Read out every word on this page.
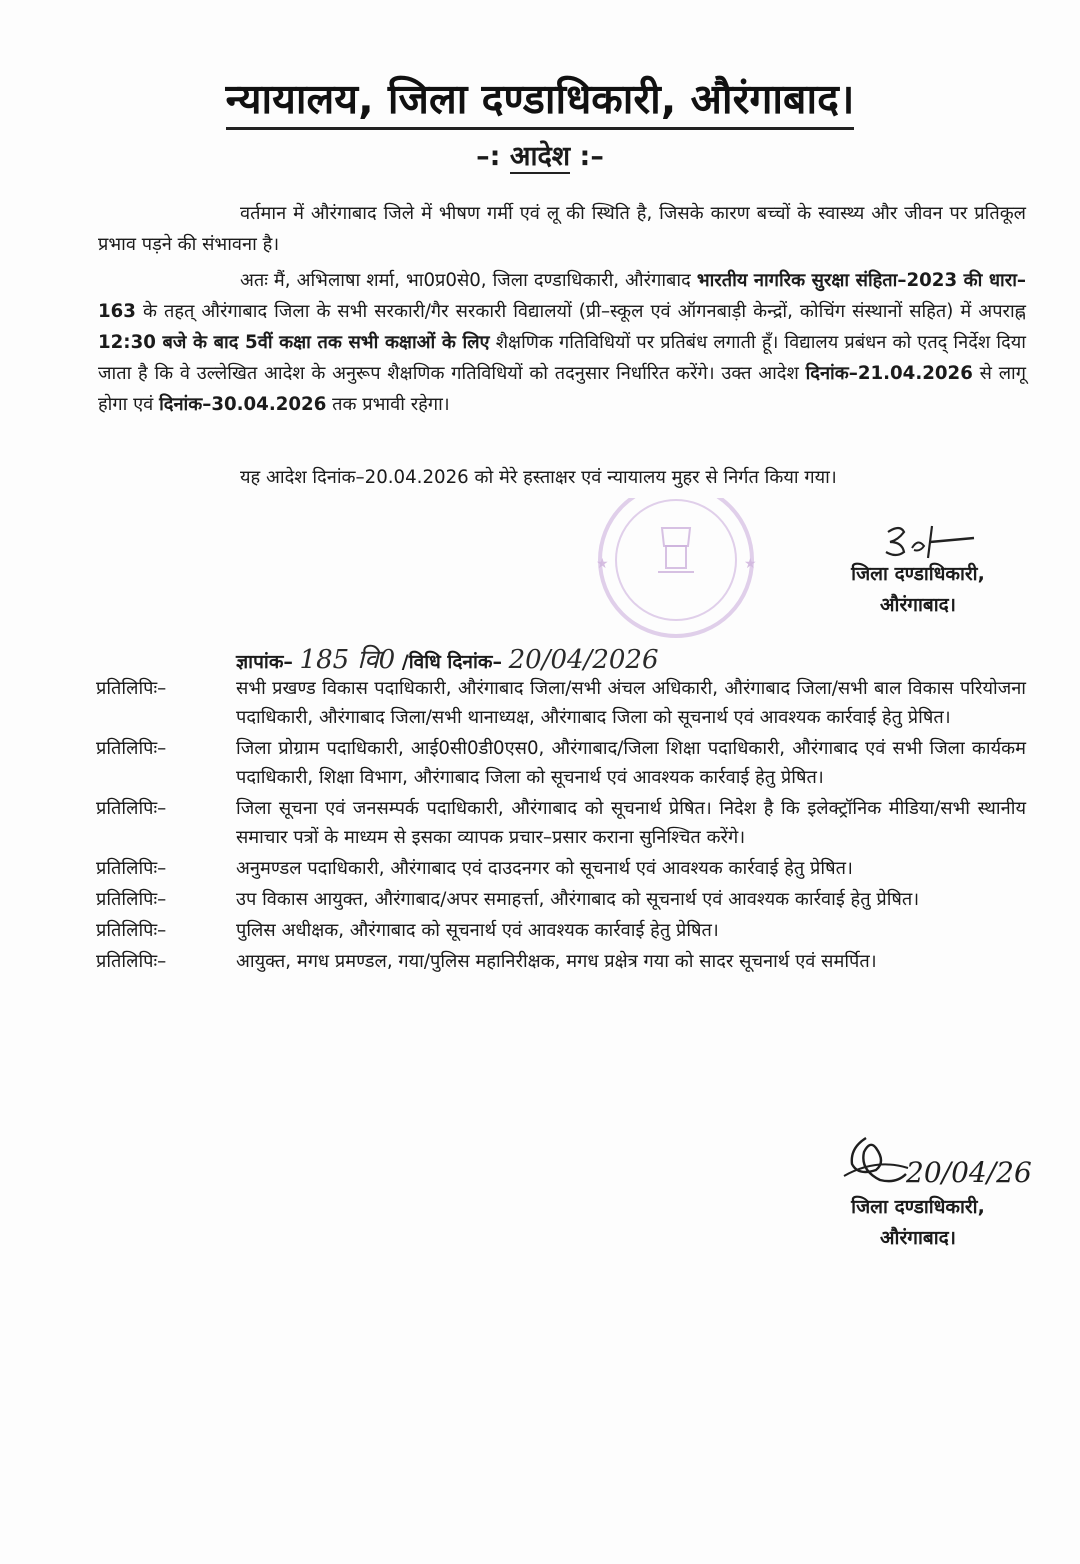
न्यायालय, जिला दण्डाधिकारी, औरंगाबाद।
–: आदेश :–

वर्तमान में औरंगाबाद जिले में भीषण गर्मी एवं लू की स्थिति है, जिसके कारण बच्चों के स्वास्थ्य और जीवन पर प्रतिकूल प्रभाव पड़ने की संभावना है।

अतः मैं, अभिलाषा शर्मा, भा0प्र0से0, जिला दण्डाधिकारी, औरंगाबाद भारतीय नागरिक सुरक्षा संहिता–2023 की धारा–163 के तहत् औरंगाबाद जिला के सभी सरकारी/गैर सरकारी विद्यालयों (प्री–स्कूल एवं ऑगनबाड़ी केन्द्रों, कोचिंग संस्थानों सहित) में अपराह्न 12:30 बजे के बाद 5वीं कक्षा तक सभी कक्षाओं के लिए शैक्षणिक गतिविधियों पर प्रतिबंध लगाती हूँ। विद्यालय प्रबंधन को एतद् निर्देश दिया जाता है कि वे उल्लेखित आदेश के अनुरूप शैक्षणिक गतिविधियों को तदनुसार निर्धारित करेंगे। उक्त आदेश दिनांक–21.04.2026 से लागू होगा एवं दिनांक–30.04.2026 तक प्रभावी रहेगा।

यह आदेश दिनांक–20.04.2026 को मेरे हस्ताक्षर एवं न्यायालय मुहर से निर्गत किया गया।

★	★	जिला दण्डाधिकारी,
औरंगाबाद।
ज्ञापांक– 185 वि0 /विधि दिनांक– 20/04/2026
प्रतिलिपिः–	सभी प्रखण्ड विकास पदाधिकारी, औरंगाबाद जिला/सभी अंचल अधिकारी, औरंगाबाद जिला/सभी बाल विकास परियोजना पदाधिकारी, औरंगाबाद जिला/सभी थानाध्यक्ष, औरंगाबाद जिला को सूचनार्थ एवं आवश्यक कार्रवाई हेतु प्रेषित।
प्रतिलिपिः–	जिला प्रोग्राम पदाधिकारी, आई0सी0डी0एस0, औरंगाबाद/जिला शिक्षा पदाधिकारी, औरंगाबाद एवं सभी जिला कार्यकम पदाधिकारी, शिक्षा विभाग, औरंगाबाद जिला को सूचनार्थ एवं आवश्यक कार्रवाई हेतु प्रेषित।
प्रतिलिपिः–	जिला सूचना एवं जनसम्पर्क पदाधिकारी, औरंगाबाद को सूचनार्थ प्रेषित। निदेश है कि इलेक्ट्रॉनिक मीडिया/सभी स्थानीय समाचार पत्रों के माध्यम से इसका व्यापक प्रचार–प्रसार कराना सुनिश्चित करेंगे।
प्रतिलिपिः–	अनुमण्डल पदाधिकारी, औरंगाबाद एवं दाउदनगर को सूचनार्थ एवं आवश्यक कार्रवाई हेतु प्रेषित।
प्रतिलिपिः–	उप विकास आयुक्त, औरंगाबाद/अपर समाहर्त्ता, औरंगाबाद को सूचनार्थ एवं आवश्यक कार्रवाई हेतु प्रेषित।
प्रतिलिपिः–	पुलिस अधीक्षक, औरंगाबाद को सूचनार्थ एवं आवश्यक कार्रवाई हेतु प्रेषित।
प्रतिलिपिः–	आयुक्त, मगध प्रमण्डल, गया/पुलिस महानिरीक्षक, मगध प्रक्षेत्र गया को सादर सूचनार्थ एवं समर्पित।
20/04/26
जिला दण्डाधिकारी,
औरंगाबाद।
